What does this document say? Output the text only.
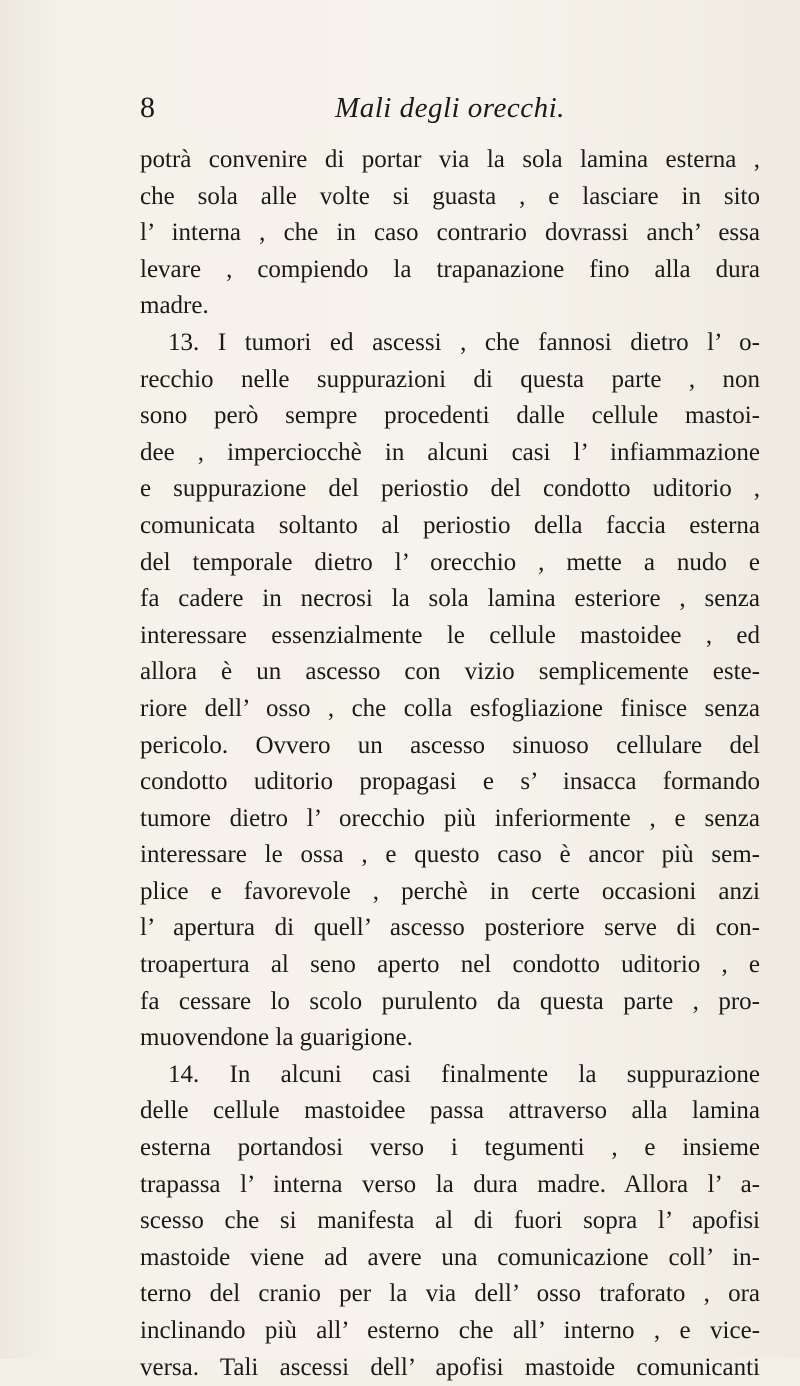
8	Mali degli orecchi.
potrà convenire di portar via la sola lamina esterna ,
che sola alle volte si guasta , e lasciare in sito
l’ interna , che in caso contrario dovrassi anch’ essa
levare , compiendo la trapanazione fino alla dura
madre.
13. I tumori ed ascessi , che fannosi dietro l’ o-
recchio nelle suppurazioni di questa parte , non
sono però sempre procedenti dalle cellule mastoi-
dee , imperciocchè in alcuni casi l’ infiammazione
e suppurazione del periostio del condotto uditorio ,
comunicata soltanto al periostio della faccia esterna
del temporale dietro l’ orecchio , mette a nudo e
fa cadere in necrosi la sola lamina esteriore , senza
interessare essenzialmente le cellule mastoidee , ed
allora è un ascesso con vizio semplicemente este-
riore dell’ osso , che colla esfogliazione finisce senza
pericolo. Ovvero un ascesso sinuoso cellulare del
condotto uditorio propagasi e s’ insacca formando
tumore dietro l’ orecchio più inferiormente , e senza
interessare le ossa , e questo caso è ancor più sem-
plice e favorevole , perchè in certe occasioni anzi
l’ apertura di quell’ ascesso posteriore serve di con-
troapertura al seno aperto nel condotto uditorio , e
fa cessare lo scolo purulento da questa parte , pro-
muovendone la guarigione.
14. In alcuni casi finalmente la suppurazione
delle cellule mastoidee passa attraverso alla lamina
esterna portandosi verso i tegumenti , e insieme
trapassa l’ interna verso la dura madre. Allora l’ a-
scesso che si manifesta al di fuori sopra l’ apofisi
mastoide viene ad avere una comunicazione coll’ in-
terno del cranio per la via dell’ osso traforato , ora
inclinando più all’ esterno che all’ interno , e vice-
versa. Tali ascessi dell’ apofisi mastoide comunicanti
